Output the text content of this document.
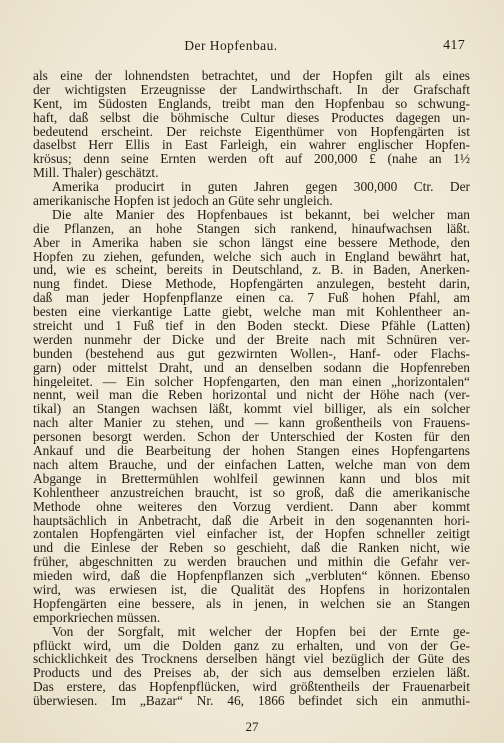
Der Hopfenbau.	417
als eine der lohnendsten betrachtet, und der Hopfen gilt als eines
der wichtigsten Erzeugnisse der Landwirthschaft. In der Grafschaft
Kent, im Südosten Englands, treibt man den Hopfenbau so schwung-
haft, daß selbst die böhmische Cultur dieses Productes dagegen un-
bedeutend erscheint. Der reichste Eigenthümer von Hopfengärten ist
daselbst Herr Ellis in East Farleigh, ein wahrer englischer Hopfen-
krösus; denn seine Ernten werden oft auf 200,000 £ (nahe an 1½
Mill. Thaler) geschätzt.
Amerika producirt in guten Jahren gegen 300,000 Ctr. Der
amerikanische Hopfen ist jedoch an Güte sehr ungleich.
Die alte Manier des Hopfenbaues ist bekannt, bei welcher man
die Pflanzen, an hohe Stangen sich rankend, hinaufwachsen läßt.
Aber in Amerika haben sie schon längst eine bessere Methode, den
Hopfen zu ziehen, gefunden, welche sich auch in England bewährt hat,
und, wie es scheint, bereits in Deutschland, z. B. in Baden, Anerken-
nung findet. Diese Methode, Hopfengärten anzulegen, besteht darin,
daß man jeder Hopfenpflanze einen ca. 7 Fuß hohen Pfahl, am
besten eine vierkantige Latte giebt, welche man mit Kohlentheer an-
streicht und 1 Fuß tief in den Boden steckt. Diese Pfähle (Latten)
werden nunmehr der Dicke und der Breite nach mit Schnüren ver-
bunden (bestehend aus gut gezwirnten Wollen-, Hanf- oder Flachs-
garn) oder mittelst Draht, und an denselben sodann die Hopfenreben
hingeleitet. — Ein solcher Hopfengarten, den man einen „horizontalen“
nennt, weil man die Reben horizontal und nicht der Höhe nach (ver-
tikal) an Stangen wachsen läßt, kommt viel billiger, als ein solcher
nach alter Manier zu stehen, und — kann großentheils von Frauens-
personen besorgt werden. Schon der Unterschied der Kosten für den
Ankauf und die Bearbeitung der hohen Stangen eines Hopfengartens
nach altem Brauche, und der einfachen Latten, welche man von dem
Abgange in Brettermühlen wohlfeil gewinnen kann und blos mit
Kohlentheer anzustreichen braucht, ist so groß, daß die amerikanische
Methode ohne weiteres den Vorzug verdient. Dann aber kommt
hauptsächlich in Anbetracht, daß die Arbeit in den sogenannten hori-
zontalen Hopfengärten viel einfacher ist, der Hopfen schneller zeitigt
und die Einlese der Reben so geschieht, daß die Ranken nicht, wie
früher, abgeschnitten zu werden brauchen und mithin die Gefahr ver-
mieden wird, daß die Hopfenpflanzen sich „verbluten“ können. Ebenso
wird, was erwiesen ist, die Qualität des Hopfens in horizontalen
Hopfengärten eine bessere, als in jenen, in welchen sie an Stangen
emporkriechen müssen.
Von der Sorgfalt, mit welcher der Hopfen bei der Ernte ge-
pflückt wird, um die Dolden ganz zu erhalten, und von der Ge-
schicklichkeit des Trocknens derselben hängt viel bezüglich der Güte des
Products und des Preises ab, der sich aus demselben erzielen läßt.
Das erstere, das Hopfenpflücken, wird größtentheils der Frauenarbeit
überwiesen. Im „Bazar“ Nr. 46, 1866 befindet sich ein anmuthi-
27
